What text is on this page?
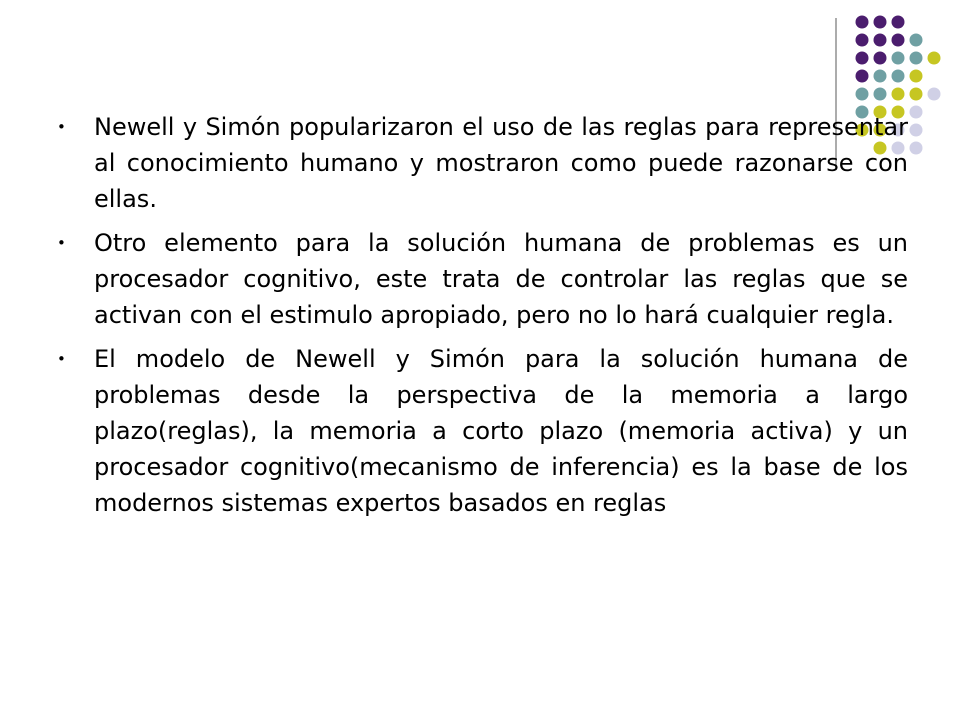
• Newell y Simón popularizaron el uso de las reglas para representar al conocimiento humano y mostraron como puede razonarse con ellas.
• Otro elemento para la solución humana de problemas es un procesador cognitivo, este trata de controlar las reglas que se activan con el estimulo apropiado, pero no lo hará cualquier regla.
• El modelo de Newell y Simón para la solución humana de problemas desde la perspectiva de la memoria a largo plazo(reglas), la memoria a corto plazo (memoria activa) y un procesador cognitivo(mecanismo de inferencia) es la base de los modernos sistemas expertos basados en reglas
